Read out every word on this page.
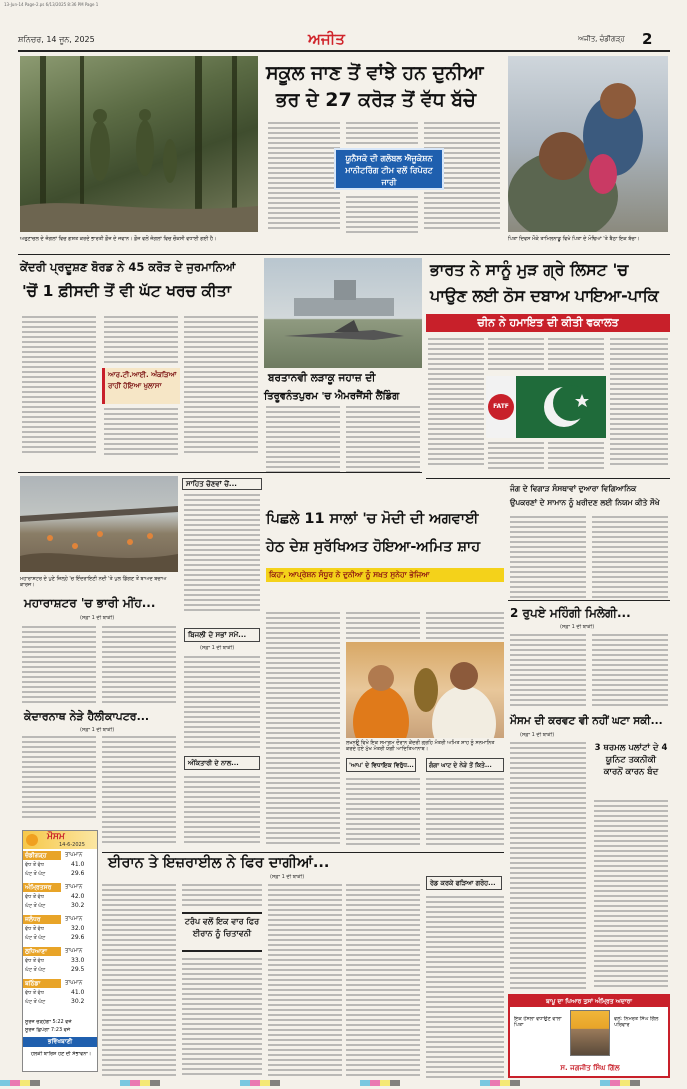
13-Jun-14 Page-2.ps 6/13/2025 8:36 PM Page 1
ਸ਼ਨਿਚਰ, 14 ਜੂਨ, 2025	ਅਜੀਤ	ਅਜੀਤ, ਚੰਡੀਗੜ੍ਹ 2
ਅਰੁਣਾਚਲ ਦੇ ਜੰਗਲਾਂ ਵਿਚ ਗਸ਼ਤ ਕਰਦੇ ਭਾਰਤੀ ਫ਼ੌਜ ਦੇ ਜਵਾਨ। ਫ਼ੌਜ ਵਲੋਂ ਜੰਗਲਾਂ ਵਿਚ ਚੌਕਸੀ ਵਧਾਈ ਗਈ ਹੈ।
ਸਕੂਲ ਜਾਣ ਤੋਂ ਵਾਂਝੇ ਹਨ ਦੁਨੀਆ
ਭਰ ਦੇ 27 ਕਰੋੜ ਤੋਂ ਵੱਧ ਬੱਚੇ
ਯੂਨੈਸਕੋ ਦੀ ਗਲੋਬਲ ਐਜੂਕੇਸ਼ਨ ਮਾਨੀਟਰਿੰਗ ਟੀਮ ਵਲੋਂ ਰਿਪੋਰਟ ਜਾਰੀ
ਪਿਤਾ ਦਿਵਸ ਮੌਕੇ ਤਾਮਿਲਨਾਡੂ ਵਿਖੇ ਪਿਤਾ ਦੇ ਮੋਢਿਆਂ 'ਤੇ ਬੈਠਾ ਇਕ ਬੱਚਾ।
ਕੇਂਦਰੀ ਪ੍ਰਦੂਸ਼ਣ ਬੋਰਡ ਨੇ 45 ਕਰੋੜ ਦੇ ਜੁਰਮਾਨਿਆਂ
'ਚੋਂ 1 ਫ਼ੀਸਦੀ ਤੋਂ ਵੀ ਘੱਟ ਖਰਚ ਕੀਤਾ
ਆਰ.ਟੀ.ਆਈ. ਅੰਕੜਿਆਂ ਰਾਹੀਂ ਹੋਇਆ ਖੁਲਾਸਾ
ਬਰਤਾਨਵੀ ਲੜਾਕੂ ਜਹਾਜ਼ ਦੀ
ਤਿਰੂਵਨੰਤਪੁਰਮ 'ਚ ਐਮਰਜੈਂਸੀ ਲੈਂਡਿੰਗ
ਭਾਰਤ ਨੇ ਸਾਨੂੰ ਮੁੜ ਗ੍ਰੇ ਲਿਸਟ 'ਚ
ਪਾਉਣ ਲਈ ਠੋਸ ਦਬਾਅ ਪਾਇਆ-ਪਾਕਿ
ਚੀਨ ਨੇ ਹਮਾਇਤ ਦੀ ਕੀਤੀ ਵਕਾਲਤ
FATF
ਮਹਾਰਾਸ਼ਟਰ ਦੇ ਪੁਣੇ ਜ਼ਿਲ੍ਹੇ 'ਚ ਇੰਦਰਾਇਣੀ ਨਦੀ 'ਤੇ ਪੁਲ ਡਿੱਗਣ ਤੋਂ ਬਾਅਦ ਬਚਾਅ ਕਾਰਜ।
ਸਾਹਿਤ ਚੋਣਵਾਂ ਚੋਂ...
ਪਿਛਲੇ 11 ਸਾਲਾਂ 'ਚ ਮੋਦੀ ਦੀ ਅਗਵਾਈ
ਹੇਠ ਦੇਸ਼ ਸੁਰੱਖਿਅਤ ਹੋਇਆ-ਅਮਿਤ ਸ਼ਾਹ
ਕਿਹਾ, ਆਪ੍ਰੇਸ਼ਨ ਸੰਧੂਰ ਨੇ ਦੁਨੀਆ ਨੂੰ ਸਖ਼ਤ ਸੁਨੇਹਾ ਭੇਜਿਆ
ਜੰਗ ਦੇ ਵਿਗਾੜ ਸੰਸਥਾਵਾਂ ਦੁਆਰਾ ਵਿਗਿਆਨਿਕ
ਉਪਕਰਣਾਂ ਦੇ ਸਾਮਾਨ ਨੂੰ ਖ਼ਰੀਦਣ ਲਈ ਨਿਯਮ ਕੀਤੇ ਸੌਖੇ
ਮਹਾਰਾਸ਼ਟਰ 'ਚ ਭਾਰੀ ਮੀਂਹ...
(ਸਫ਼ਾ 1 ਦੀ ਬਾਕੀ)
ਬਿਜਲੀ ਦੇ ਸਭਾਂ ਸਮੇਂ...
(ਸਫ਼ਾ 1 ਦੀ ਬਾਕੀ)
ਲਖਨਊ ਵਿਖੇ ਇਕ ਸਮਾਗਮ ਦੌਰਾਨ ਕੇਂਦਰੀ ਗ੍ਰਹਿ ਮੰਤਰੀ ਅਮਿਤ ਸ਼ਾਹ ਨੂੰ ਸਨਮਾਨਿਤ ਕਰਦੇ ਹੋਏ ਮੁੱਖ ਮੰਤਰੀ ਯੋਗੀ ਆਦਿਤਿਆਨਾਥ।
'ਆਪ' ਦੇ ਵਿਧਾਇਕ ਵਿਰੁੱਧ...	ਗੰਗਾ ਘਾਟ ਦੇ ਨੇੜੇ ਤੋਂ ਕਿਤੇ...
2 ਰੁਪਏ ਮਹਿੰਗੀ ਮਿਲੇਗੀ...
(ਸਫ਼ਾ 1 ਦੀ ਬਾਕੀ)
ਮੌਸਮ ਦੀ ਕਰਵਟ ਵੀ ਨਹੀਂ ਘਟਾ ਸਕੀ...
(ਸਫ਼ਾ 1 ਦੀ ਬਾਕੀ)
3 ਥਰਮਲ ਪਲਾਂਟਾਂ ਦੇ 4
ਯੂਨਿਟ ਤਕਨੀਕੀ
ਕਾਰਨੋਂ ਕਾਰਨ ਬੰਦ
ਕੇਦਾਰਨਾਥ ਨੇੜੇ ਹੈਲੀਕਾਪਟਰ...
(ਸਫ਼ਾ 1 ਦੀ ਬਾਕੀ)
ਅੰਕਿਤਾਰੀ ਦੇ ਨਾਲ...
ਮੌਸਮ
14-6-2025
ਚੰਡੀਗੜ੍ਹ	ਤਾਪਮਾਨ
ਵੱਧ ਤੋਂ ਵੱਧ	41.0
ਘੱਟ ਤੋਂ ਘੱਟ	29.6
ਅੰਮ੍ਰਿਤਸਰ	ਤਾਪਮਾਨ
ਵੱਧ ਤੋਂ ਵੱਧ	42.0
ਘੱਟ ਤੋਂ ਘੱਟ	30.2
ਜਲੰਧਰ	ਤਾਪਮਾਨ
ਵੱਧ ਤੋਂ ਵੱਧ	32.0
ਘੱਟ ਤੋਂ ਘੱਟ	29.6
ਲੁਧਿਆਣਾ	ਤਾਪਮਾਨ
ਵੱਧ ਤੋਂ ਵੱਧ	33.0
ਘੱਟ ਤੋਂ ਘੱਟ	29.5
ਬਠਿੰਡਾ	ਤਾਪਮਾਨ
ਵੱਧ ਤੋਂ ਵੱਧ	41.0
ਘੱਟ ਤੋਂ ਘੱਟ	30.2
ਸੂਰਜ ਚੜ੍ਹੇਗਾ 5:22 ਵਜੇ
ਸੂਰਜ ਛਿਪੇਗਾ 7:23 ਵਜੇ
ਭਵਿੱਖਬਾਣੀ
ਹਲਕੀ ਬਾਰਿਸ਼ ਹੋਣ ਦੀ ਸੰਭਾਵਨਾ।
ਈਰਾਨ ਤੇ ਇਜ਼ਰਾਈਲ ਨੇ ਫਿਰ ਦਾਗੀਆਂ...
(ਸਫ਼ਾ 1 ਦੀ ਬਾਕੀ)
ਟਰੰਪ ਵਲੋਂ ਇਕ ਵਾਰ ਫਿਰ ਈਰਾਨ ਨੂੰ ਚਿਤਾਵਨੀ
ਰੇਡ ਕਰਕੇ ਫੜਿਆ ਗਰੋਹ...
ਬਾਪੂ ਦਾ ਪਿਆਰ ਤੁਸਾਂ ਅੰਮ੍ਰਿਤ ਅਦਾਰਾ
ਇਕ ਹੌਂਸਲਾ ਵਧਾਉਣ ਵਾਲਾ ਪਿਤਾ
ਵਲੋਂ: ਨਿਮਰਤ ਸਿੰਘ ਗਿੱਲ ਪਰਿਵਾਰ
ਸ. ਜਗਜੀਤ ਸਿੰਘ ਗਿੱਲ
